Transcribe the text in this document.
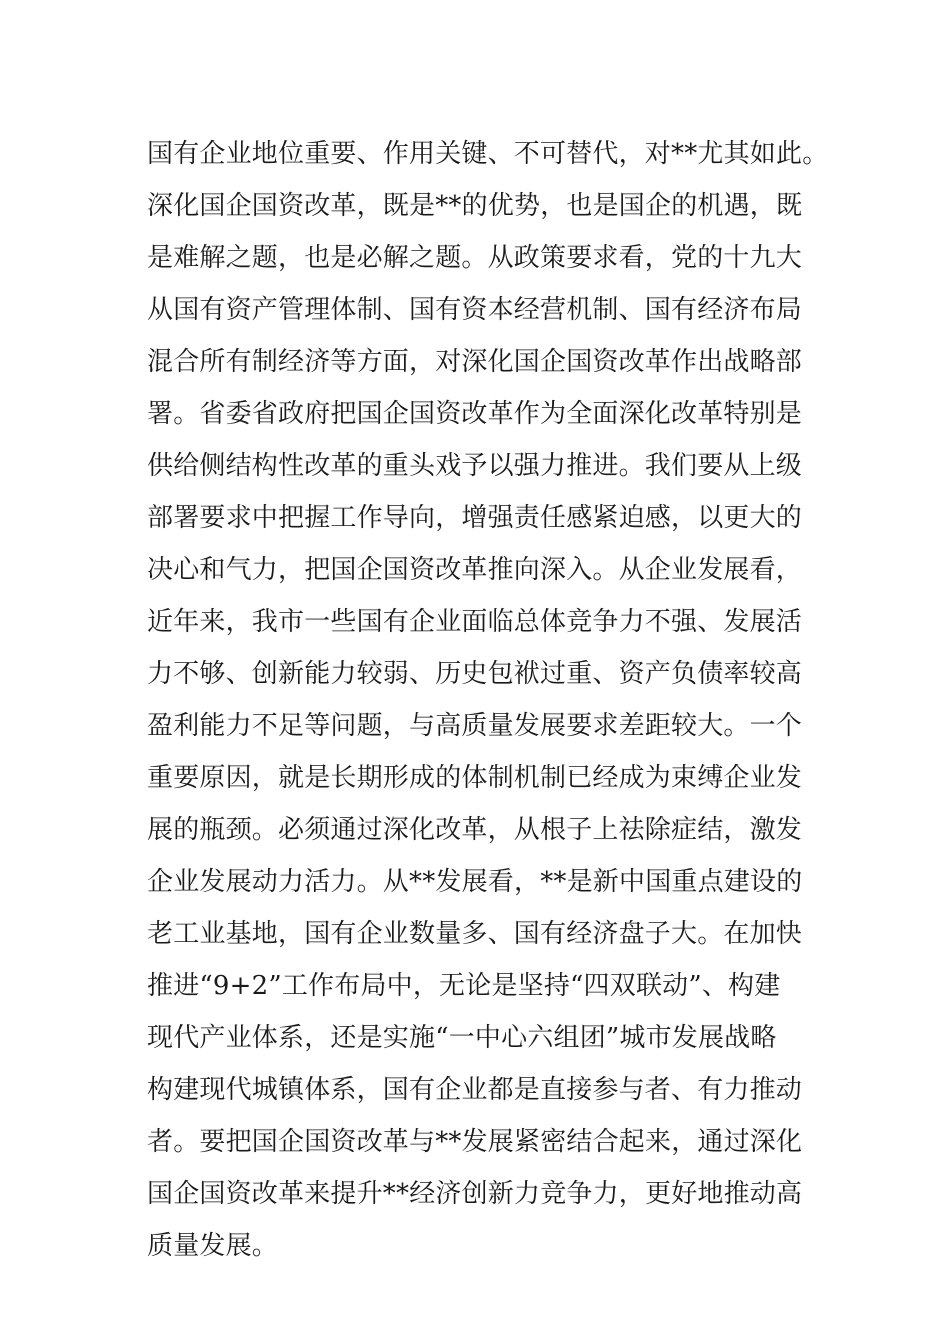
国有企业地位重要、作用关键、不可替代，对**尤其如此。
深化国企国资改革，既是**的优势，也是国企的机遇，既
是难解之题，也是必解之题。从政策要求看，党的十九大
从国有资产管理体制、国有资本经营机制、国有经济布局
混合所有制经济等方面，对深化国企国资改革作出战略部
署。省委省政府把国企国资改革作为全面深化改革特别是
供给侧结构性改革的重头戏予以强力推进。我们要从上级
部署要求中把握工作导向，增强责任感紧迫感，以更大的
决心和气力，把国企国资改革推向深入。从企业发展看，
近年来，我市一些国有企业面临总体竞争力不强、发展活
力不够、创新能力较弱、历史包袱过重、资产负债率较高
盈利能力不足等问题，与高质量发展要求差距较大。一个
重要原因，就是长期形成的体制机制已经成为束缚企业发
展的瓶颈。必须通过深化改革，从根子上祛除症结，激发
企业发展动力活力。从**发展看，**是新中国重点建设的
老工业基地，国有企业数量多、国有经济盘子大。在加快
推进“9+2”工作布局中，无论是坚持“四双联动”、构建
现代产业体系，还是实施“一中心六组团”城市发展战略
构建现代城镇体系，国有企业都是直接参与者、有力推动
者。要把国企国资改革与**发展紧密结合起来，通过深化
国企国资改革来提升**经济创新力竞争力，更好地推动高
质量发展。
